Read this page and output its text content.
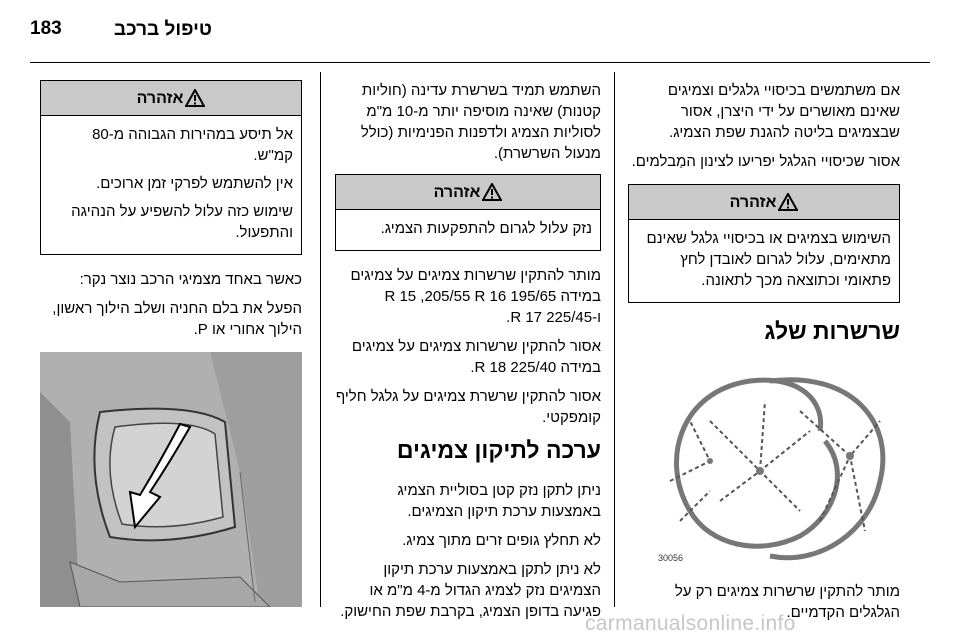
183	טיפול ברכב

אם משתמשים בכיסויי גלגלים וצמיגים שאינם מאושרים על ידי היצרן, אסור שבצמיגים בליטה להגנת שפת הצמיג.

אסור שכיסויי הגלגל יפריעו לצינון המַבלמים.

אזהרה

השימוש בצמיגים או בכיסויי גלגל שאינם מתאימים, עלול לגרום לאובדן לחץ פתאומי וכתוצאה מכך לתאונה.

שרשרות שלג
30056

מותר להתקין שרשרות צמיגים רק על הגלגלים הקדמיים.

השתמש תמיד בשרשרת עדינה (חוליות קטנות) שאינה מוסיפה יותר מ-10 מ"מ לסוליות הצמיג ולדפנות הפנימיות (כולל מנעול השרשרת).

אזהרה

נזק עלול לגרום להתפקעות הצמיג.

מותר להתקין שרשרות צמיגים על צמיגים במידה 195/65 R 15 ,205/55 R 16 ו-225/45 R 17.

אסור להתקין שרשרות צמיגים על צמיגים במידה 225/40 R 18.

אסור להתקין שרשרת צמיגים על גלגל חליף קומפקטי.

ערכה לתיקון צמיגים

ניתן לתקן נזק קטן בסוליית הצמיג באמצעות ערכת תיקון הצמיגים.

לא תחלץ גופים זרים מתוך צמיג.

לא ניתן לתקן באמצעות ערכת תיקון הצמיגים נזק לצמיג הגדול מ-4 מ"מ או פגיעה בדופן הצמיג, בקרבת שפת החישוק.

אזהרה

אל תיסע במהירות הגבוהה מ-80 קמ"ש.

אין להשתמש לפרקי זמן ארוכים.

שימוש כזה עלול להשפיע על הנהיגה והתפעול.

כאשר באחד מצמיגי הרכב נוצר נקר:

הפעל את בלם החניה ושלב הילוך ראשון, הילוך אחורי או P.

carmanualsonline.info
